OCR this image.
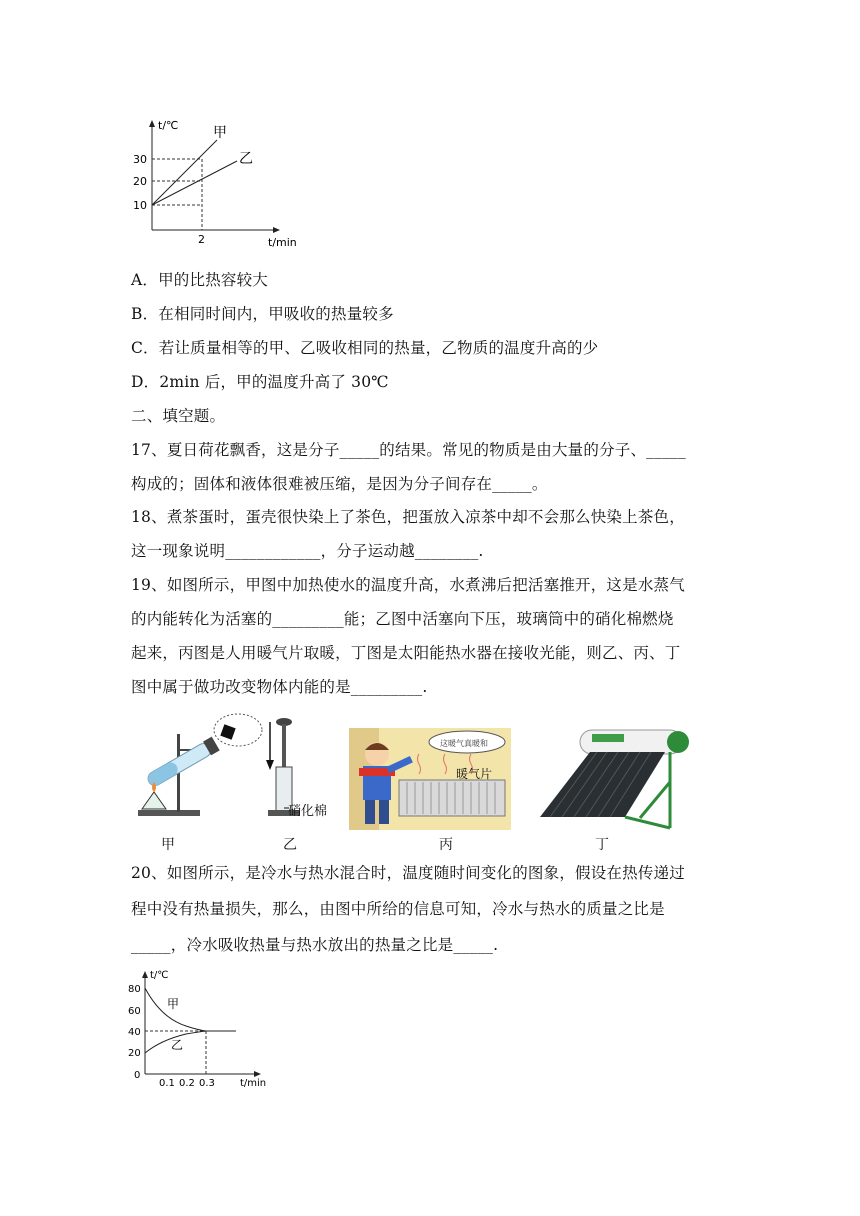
t/℃
t/min
30
20
10
2
甲
乙
A．甲的比热容较大
B．在相同时间内，甲吸收的热量较多
C．若让质量相等的甲、乙吸收相同的热量，乙物质的温度升高的少
D．2min 后，甲的温度升高了 30℃
二、填空题。
17、夏日荷花飘香，这是分子_____的结果。常见的物质是由大量的分子、_____
构成的；固体和液体很难被压缩，是因为分子间存在_____。
18、煮茶蛋时，蛋壳很快染上了茶色，把蛋放入凉茶中却不会那么快染上茶色，
这一现象说明____________，分子运动越________.
19、如图所示，甲图中加热使水的温度升高，水煮沸后把活塞推开，这是水蒸气
的内能转化为活塞的_________能；乙图中活塞向下压，玻璃筒中的硝化棉燃烧
起来，丙图是人用暖气片取暖，丁图是太阳能热水器在接收光能，则乙、丙、丁
图中属于做功改变物体内能的是_________.
甲
硝化棉
乙
这暖气真暖和
暖气片
丙	丁
20、如图所示，是冷水与热水混合时，温度随时间变化的图象，假设在热传递过
程中没有热量损失，那么，由图中所给的信息可知，冷水与热水的质量之比是
_____，冷水吸收热量与热水放出的热量之比是_____.
t/℃
t/min
80
60
40
20
0
0.1 0.2 0.3
甲
乙
